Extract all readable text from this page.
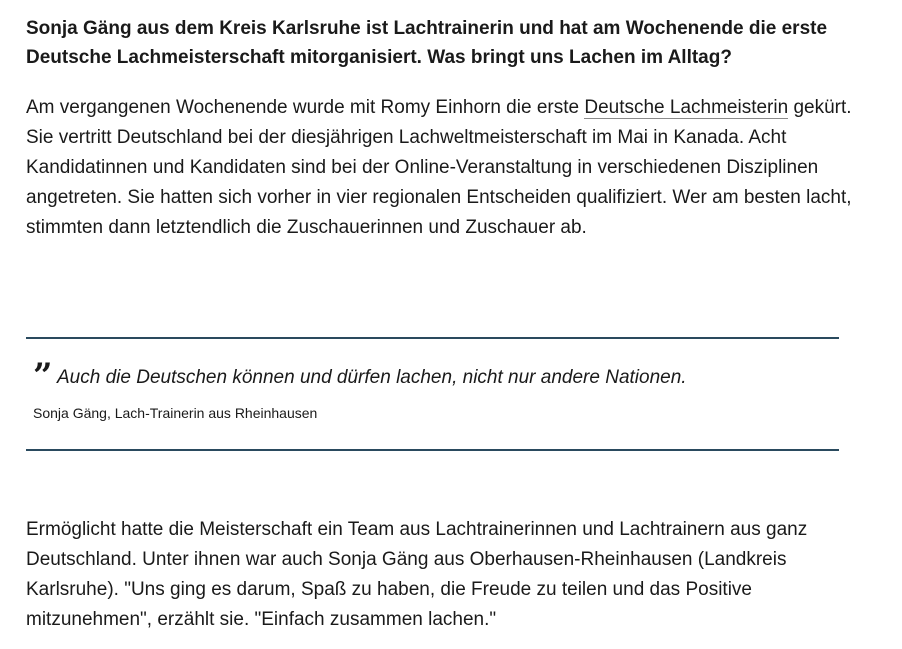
Sonja Gäng aus dem Kreis Karlsruhe ist Lachtrainerin und hat am Wochenende die erste Deutsche Lachmeisterschaft mitorganisiert. Was bringt uns Lachen im Alltag?

Am vergangenen Wochenende wurde mit Romy Einhorn die erste Deutsche Lachmeisterin gekürt. Sie vertritt Deutschland bei der diesjährigen Lachweltmeisterschaft im Mai in Kanada. Acht Kandidatinnen und Kandidaten sind bei der Online-Veranstaltung in verschiedenen Disziplinen angetreten. Sie hatten sich vorher in vier regionalen Entscheiden qualifiziert. Wer am besten lacht, stimmten dann letztendlich die Zuschauerinnen und Zuschauer ab.

” Auch die Deutschen können und dürfen lachen, nicht nur andere Nationen.

Sonja Gäng, Lach-Trainerin aus Rheinhausen

Ermöglicht hatte die Meisterschaft ein Team aus Lachtrainerinnen und Lachtrainern aus ganz Deutschland. Unter ihnen war auch Sonja Gäng aus Oberhausen-Rheinhausen (Landkreis Karlsruhe). "Uns ging es darum, Spaß zu haben, die Freude zu teilen und das Positive mitzunehmen", erzählt sie. "Einfach zusammen lachen."
